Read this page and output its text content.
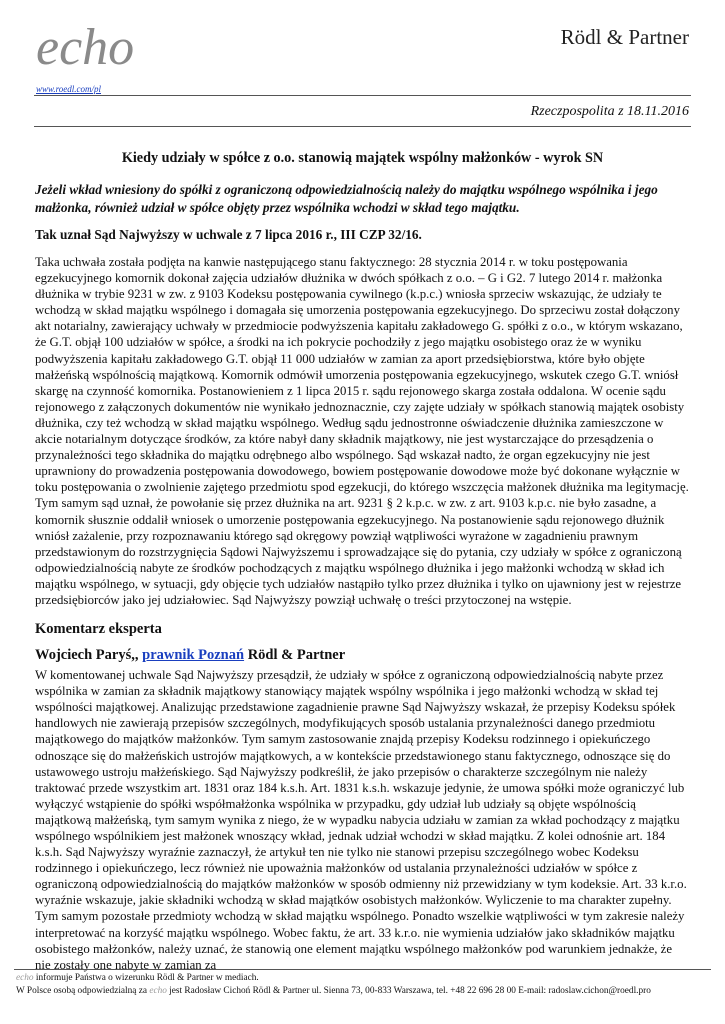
echo
www.roedl.com/pl
Rödl & Partner
Rzeczpospolita z 18.11.2016
Kiedy udziały w spółce z o.o. stanowią majątek wspólny małżonków - wyrok SN

Jeżeli wkład wniesiony do spółki z ograniczoną odpowiedzialnością należy do majątku wspólnego wspólnika i jego małżonka, również udział w spółce objęty przez wspólnika wchodzi w skład tego majątku.

Tak uznał Sąd Najwyższy w uchwale z 7 lipca 2016 r., III CZP 32/16.

Taka uchwała została podjęta na kanwie następującego stanu faktycznego: 28 stycznia 2014 r. w toku postępowania egzekucyjnego komornik dokonał zajęcia udziałów dłużnika w dwóch spółkach z o.o. – G i G2. 7 lutego 2014 r. małżonka dłużnika w trybie 9231 w zw. z 9103 Kodeksu postępowania cywilnego (k.p.c.) wniosła sprzeciw wskazując, że udziały te wchodzą w skład majątku wspólnego i domagała się umorzenia postępowania egzekucyjnego. Do sprzeciwu został dołączony akt notarialny, zawierający uchwały w przedmiocie podwyższenia kapitału zakładowego G. spółki z o.o., w którym wskazano, że G.T. objął 100 udziałów w spółce, a środki na ich pokrycie pochodziły z jego majątku osobistego oraz że w wyniku podwyższenia kapitału zakładowego G.T. objął 11 000 udziałów w zamian za aport przedsiębiorstwa, które było objęte małżeńską wspólnością majątkową. Komornik odmówił umorzenia postępowania egzekucyjnego, wskutek czego G.T. wniósł skargę na czynność komornika. Postanowieniem z 1 lipca 2015 r. sądu rejonowego skarga została oddalona. W ocenie sądu rejonowego z załączonych dokumentów nie wynikało jednoznacznie, czy zajęte udziały w spółkach stanowią majątek osobisty dłużnika, czy też wchodzą w skład majątku wspólnego. Według sądu jednostronne oświadczenie dłużnika zamieszczone w akcie notarialnym dotyczące środków, za które nabył dany składnik majątkowy, nie jest wystarczające do przesądzenia o przynależności tego składnika do majątku odrębnego albo wspólnego. Sąd wskazał nadto, że organ egzekucyjny nie jest uprawniony do prowadzenia postępowania dowodowego, bowiem postępowanie dowodowe może być dokonane wyłącznie w toku postępowania o zwolnienie zajętego przedmiotu spod egzekucji, do którego wszczęcia małżonek dłużnika ma legitymację. Tym samym sąd uznał, że powołanie się przez dłużnika na art. 9231 § 2 k.p.c. w zw. z art. 9103 k.p.c. nie było zasadne, a komornik słusznie oddalił wniosek o umorzenie postępowania egzekucyjnego. Na postanowienie sądu rejonowego dłużnik wniósł zażalenie, przy rozpoznawaniu którego sąd okręgowy powziął wątpliwości wyrażone w zagadnieniu prawnym przedstawionym do rozstrzygnięcia Sądowi Najwyższemu i sprowadzające się do pytania, czy udziały w spółce z ograniczoną odpowiedzialnością nabyte ze środków pochodzących z majątku wspólnego dłużnika i jego małżonki wchodzą w skład ich majątku wspólnego, w sytuacji, gdy objęcie tych udziałów nastąpiło tylko przez dłużnika i tylko on ujawniony jest w rejestrze przedsiębiorców jako jej udziałowiec. Sąd Najwyższy powziął uchwałę o treści przytoczonej na wstępie.

Komentarz eksperta
Wojciech Paryś,, prawnik Poznań Rödl & Partner

W komentowanej uchwale Sąd Najwyższy przesądził, że udziały w spółce z ograniczoną odpowiedzialnością nabyte przez wspólnika w zamian za składnik majątkowy stanowiący majątek wspólny wspólnika i jego małżonki wchodzą w skład tej wspólności majątkowej. Analizując przedstawione zagadnienie prawne Sąd Najwyższy wskazał, że przepisy Kodeksu spółek handlowych nie zawierają przepisów szczególnych, modyfikujących sposób ustalania przynależności danego przedmiotu majątkowego do majątków małżonków. Tym samym zastosowanie znajdą przepisy Kodeksu rodzinnego i opiekuńczego odnoszące się do małżeńskich ustrojów majątkowych, a w kontekście przedstawionego stanu faktycznego, odnoszące się do ustawowego ustroju małżeńskiego. Sąd Najwyższy podkreślił, że jako przepisów o charakterze szczególnym nie należy traktować przede wszystkim art. 1831 oraz 184 k.s.h. Art. 1831 k.s.h. wskazuje jedynie, że umowa spółki może ograniczyć lub wyłączyć wstąpienie do spółki współmałżonka wspólnika w przypadku, gdy udział lub udziały są objęte wspólnością majątkową małżeńską, tym samym wynika z niego, że w wypadku nabycia udziału w zamian za wkład pochodzący z majątku wspólnego wspólnikiem jest małżonek wnoszący wkład, jednak udział wchodzi w skład majątku. Z kolei odnośnie art. 184 k.s.h. Sąd Najwyższy wyraźnie zaznaczył, że artykuł ten nie tylko nie stanowi przepisu szczególnego wobec Kodeksu rodzinnego i opiekuńczego, lecz również nie upoważnia małżonków od ustalania przynależności udziałów w spółce z ograniczoną odpowiedzialnością do majątków małżonków w sposób odmienny niż przewidziany w tym kodeksie. Art. 33 k.r.o. wyraźnie wskazuje, jakie składniki wchodzą w skład majątków osobistych małżonków. Wyliczenie to ma charakter zupełny. Tym samym pozostałe przedmioty wchodzą w skład majątku wspólnego. Ponadto wszelkie wątpliwości w tym zakresie należy interpretować na korzyść majątku wspólnego. Wobec faktu, że art. 33 k.r.o. nie wymienia udziałów jako składników majątku osobistego małżonków, należy uznać, że stanowią one element majątku wspólnego małżonków pod warunkiem jednakże, że nie zostały one nabyte w zamian za

echo informuje Państwa o wizerunku Rödl & Partner w mediach.
W Polsce osobą odpowiedzialną za echo jest Radosław Cichoń Rödl & Partner ul. Sienna 73, 00-833 Warszawa, tel. +48 22 696 28 00 E-mail: radoslaw.cichon@roedl.pro
